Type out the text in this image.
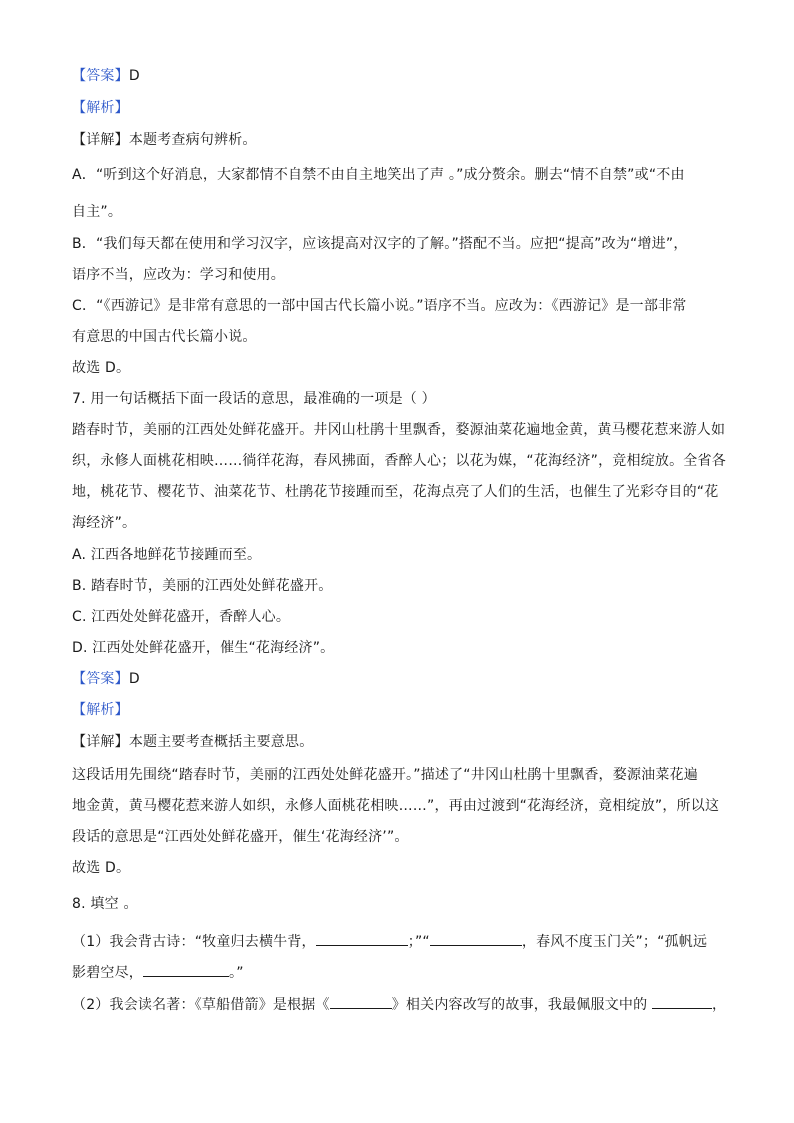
【答案】D
【解析】
【详解】本题考查病句辨析。
A．“听到这个好消息，大家都情不自禁不由自主地笑出了声 。”成分赘余。删去“情不自禁”或“不由
自主”。
B．“我们每天都在使用和学习汉字，应该提高对汉字的了解。”搭配不当。应把“提高”改为“增进”，
语序不当，应改为：学习和使用。
C．“《西游记》是非常有意思的一部中国古代长篇小说。”语序不当。应改为：《西游记》是一部非常
有意思的中国古代长篇小说。
故选 D。
7. 用一句话概括下面一段话的意思，最准确的一项是（ ）
踏春时节，美丽的江西处处鲜花盛开。井冈山杜鹃十里飘香，婺源油菜花遍地金黄，黄马樱花惹来游人如
织，永修人面桃花相映……徜徉花海，春风拂面，香醉人心；以花为媒，“花海经济”，竞相绽放。全省各
地，桃花节、樱花节、油菜花节、杜鹃花节接踵而至，花海点亮了人们的生活，也催生了光彩夺目的“花
海经济”。
A. 江西各地鲜花节接踵而至。
B. 踏春时节，美丽的江西处处鲜花盛开。
C. 江西处处鲜花盛开，香醉人心。
D. 江西处处鲜花盛开，催生“花海经济”。
【答案】D
【解析】
【详解】本题主要考查概括主要意思。
这段话用先围绕“踏春时节，美丽的江西处处鲜花盛开。”描述了“井冈山杜鹃十里飘香，婺源油菜花遍
地金黄，黄马樱花惹来游人如织，永修人面桃花相映……”，再由过渡到“花海经济，竟相绽放”，所以这
段话的意思是“江西处处鲜花盛开，催生‘花海经济’”。
故选 D。
8. 填空 。
（1）我会背古诗：“牧童归去横牛背，	；”“	，春风不度玉门关”；“孤帆远
影碧空尽，	。”
（2）我会读名著：《草船借箭》是根据《	》相关内容改写的故事，我最佩服文中的	，
